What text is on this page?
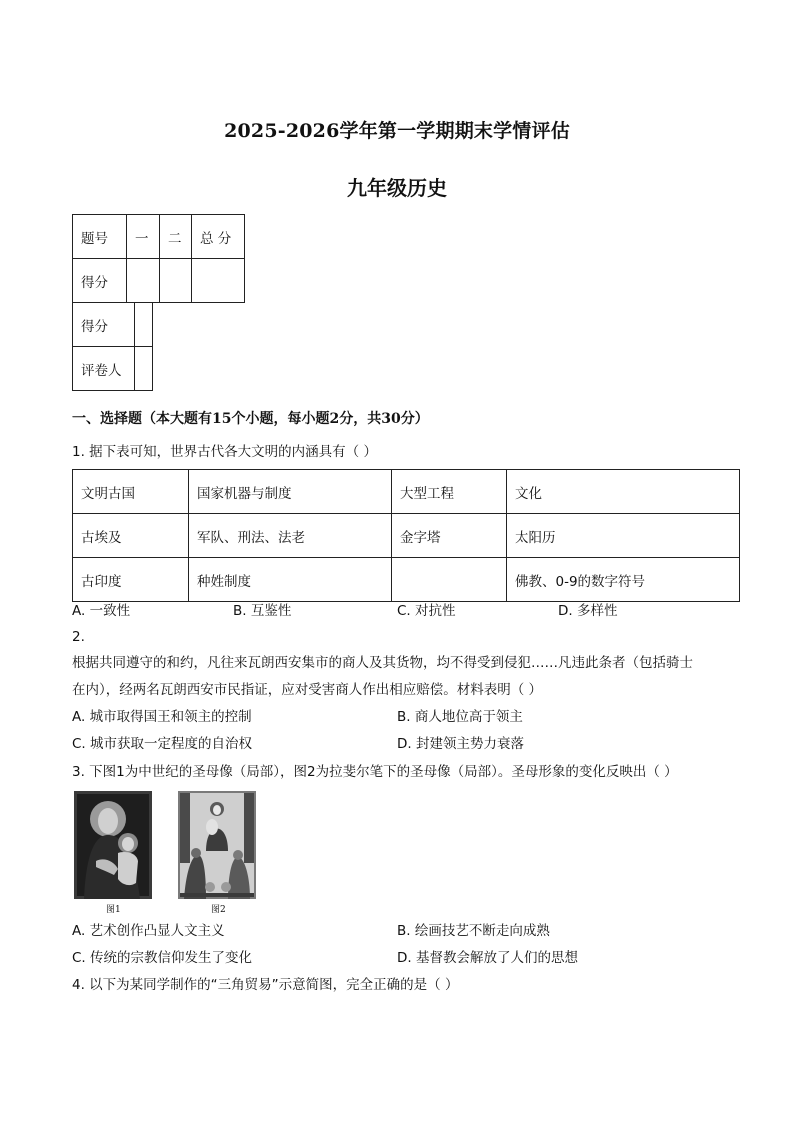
2025-2026学年第一学期期末学情评估
九年级历史
题号	一	二	总 分
得分			
得分	
评卷人	
一、选择题（本大题有15个小题，每小题2分，共30分）
1. 据下表可知，世界古代各大文明的内涵具有（ ）
文明古国	国家机器与制度	大型工程	文化
古埃及	军队、刑法、法老	金字塔	太阳历
古印度	种姓制度		佛教、0-9的数字符号
A. 一致性	B. 互鉴性	C. 对抗性	D. 多样性
2.
根据共同遵守的和约，凡往来瓦朗西安集市的商人及其货物，均不得受到侵犯……凡违此条者（包括骑士
在内），经两名瓦朗西安市民指证，应对受害商人作出相应赔偿。材料表明（ ）
A. 城市取得国王和领主的控制	B. 商人地位高于领主
C. 城市获取一定程度的自治权	D. 封建领主势力衰落
3. 下图1为中世纪的圣母像（局部），图2为拉斐尔笔下的圣母像（局部）。圣母形象的变化反映出（ ）
图1	图2
A. 艺术创作凸显人文主义	B. 绘画技艺不断走向成熟
C. 传统的宗教信仰发生了变化	D. 基督教会解放了人们的思想
4. 以下为某同学制作的“三角贸易”示意简图，完全正确的是（ ）
